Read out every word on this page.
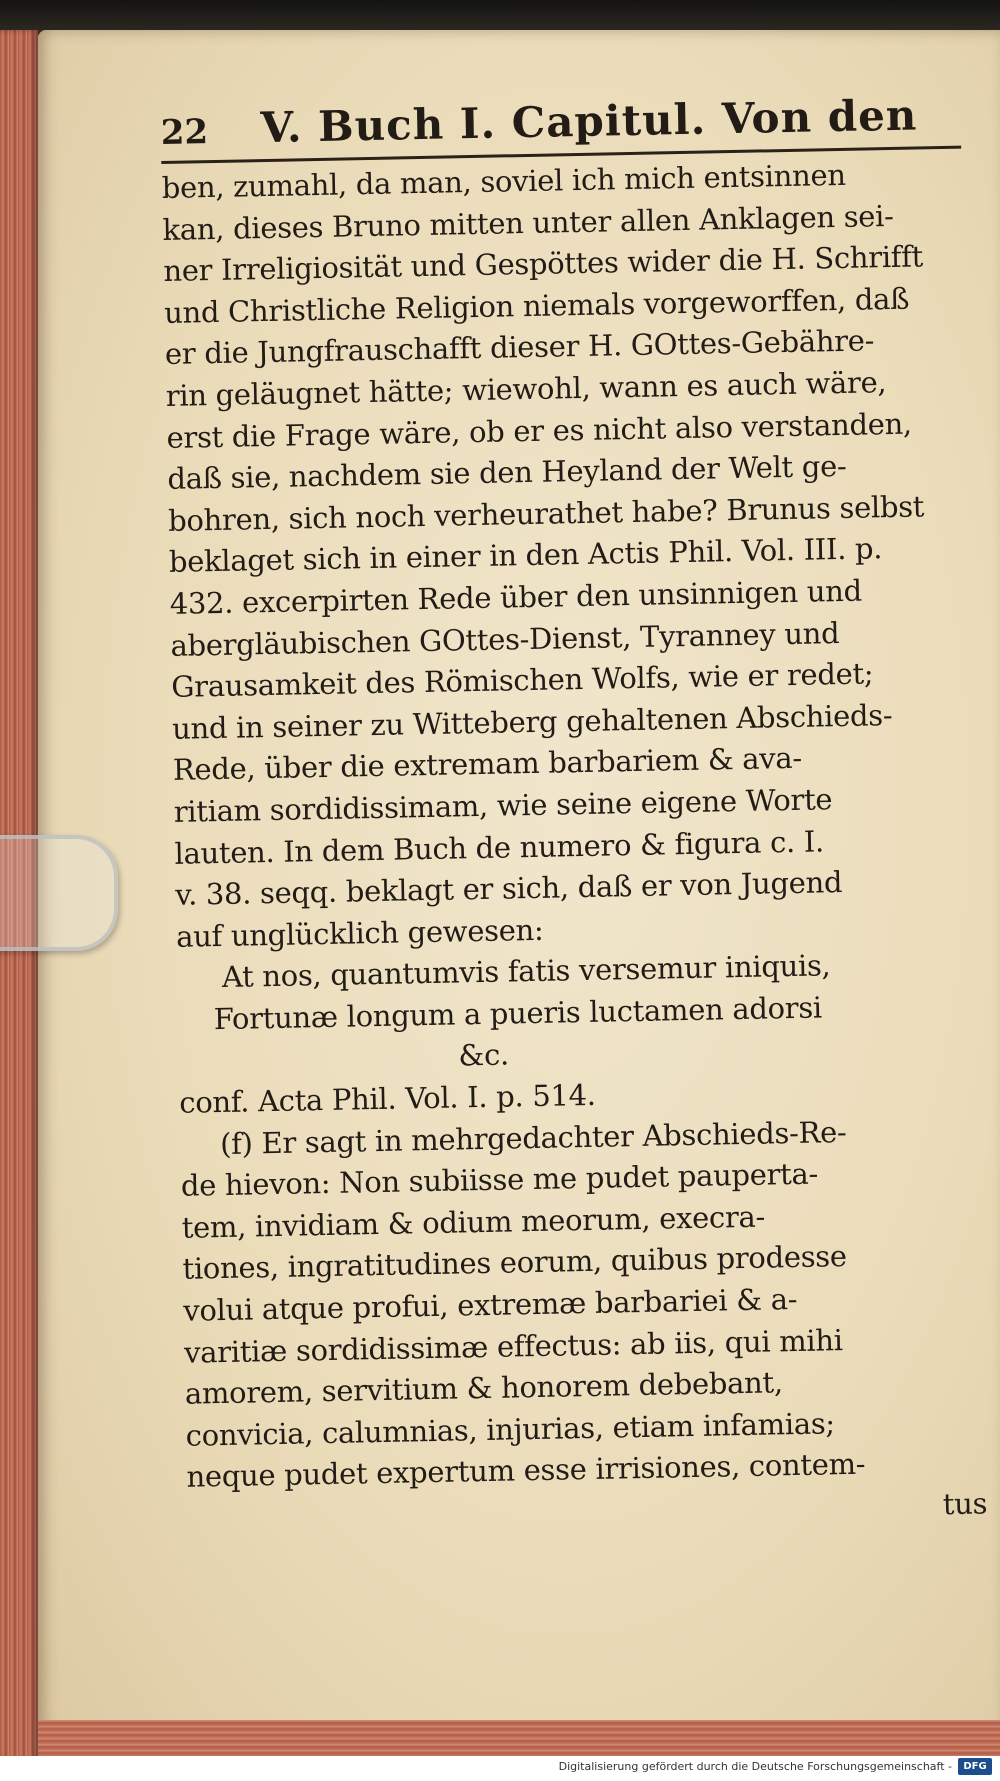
22 V. Buch I. Capitul. Von den
ben, zumahl, da man, soviel ich mich entsinnen
kan, dieses Bruno mitten unter allen Anklagen sei-
ner Irreligiosität und Gespöttes wider die H. Schrifft
und Christliche Religion niemals vorgeworffen, daß
er die Jungfrauschafft dieser H. GOttes-Gebähre-
rin geläugnet hätte; wiewohl, wann es auch wäre,
erst die Frage wäre, ob er es nicht also verstanden,
daß sie, nachdem sie den Heyland der Welt ge-
bohren, sich noch verheurathet habe? Brunus selbst
beklaget sich in einer in den Actis Phil. Vol. III. p.
432. excerpirten Rede über den unsinnigen und
abergläubischen GOttes-Dienst, Tyranney und
Grausamkeit des Römischen Wolfs, wie er redet;
und in seiner zu Witteberg gehaltenen Abschieds-
Rede, über die extremam barbariem & ava-
ritiam sordidissimam, wie seine eigene Worte
lauten. In dem Buch de numero & figura c. I.
v. 38. seqq. beklagt er sich, daß er von Jugend
auf unglücklich gewesen:
At nos, quantumvis fatis versemur iniquis,
Fortunæ longum a pueris luctamen adorsi
&c.
conf. Acta Phil. Vol. I. p. 514.
(f) Er sagt in mehrgedachter Abschieds-Re-
de hievon: Non subiisse me pudet paupertа-
tem, invidiam & odium meorum, execra-
tiones, ingratitudines eorum, quibus prodesse
volui atque profui, extremæ barbariei & a-
varitiæ sordidissimæ effectus: ab iis, qui mihi
amorem, servitium & honorem debebant,
convicia, calumnias, injurias, etiam infamias;
neque pudet expertum esse irrisiones, contem-
tus
Digitalisierung gefördert durch die Deutsche Forschungsgemeinschaft -	DFG
